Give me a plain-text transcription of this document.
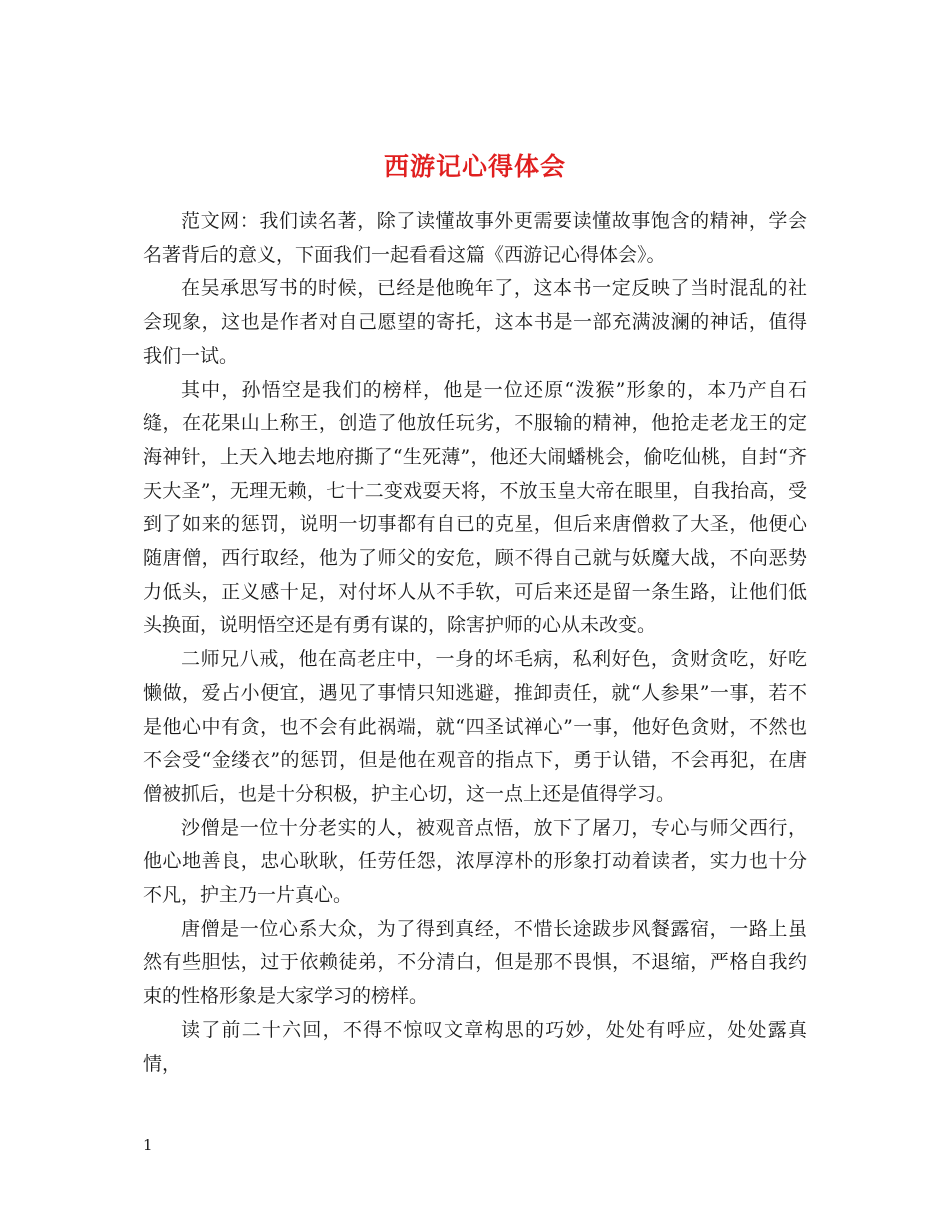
西游记心得体会

范文网：我们读名著，除了读懂故事外更需要读懂故事饱含的精神，学会名著背后的意义，下面我们一起看看这篇《西游记心得体会》。

在吴承思写书的时候，已经是他晚年了，这本书一定反映了当时混乱的社会现象，这也是作者对自己愿望的寄托，这本书是一部充满波澜的神话，值得我们一试。

其中，孙悟空是我们的榜样，他是一位还原“泼猴”形象的，本乃产自石缝，在花果山上称王，创造了他放任玩劣，不服输的精神，他抢走老龙王的定海神针，上天入地去地府撕了“生死薄”，他还大闹蟠桃会，偷吃仙桃，自封“齐天大圣”，无理无赖，七十二变戏耍天将，不放玉皇大帝在眼里，自我抬高，受到了如来的惩罚，说明一切事都有自已的克星，但后来唐僧救了大圣，他便心随唐僧，西行取经，他为了师父的安危，顾不得自己就与妖魔大战，不向恶势力低头，正义感十足，对付坏人从不手软，可后来还是留一条生路，让他们低头换面，说明悟空还是有勇有谋的，除害护师的心从未改变。

二师兄八戒，他在高老庄中，一身的坏毛病，私利好色，贪财贪吃，好吃懒做，爱占小便宜，遇见了事情只知逃避，推卸责任，就“人参果”一事，若不是他心中有贪，也不会有此祸端，就“四圣试禅心”一事，他好色贪财，不然也不会受“金缕衣”的惩罚，但是他在观音的指点下，勇于认错，不会再犯，在唐僧被抓后，也是十分积极，护主心切，这一点上还是值得学习。

沙僧是一位十分老实的人，被观音点悟，放下了屠刀，专心与师父西行，他心地善良，忠心耿耿，任劳任怨，浓厚淳朴的形象打动着读者，实力也十分不凡，护主乃一片真心。

唐僧是一位心系大众，为了得到真经，不惜长途跋步风餐露宿，一路上虽然有些胆怯，过于依赖徒弟，不分清白，但是那不畏惧，不退缩，严格自我约束的性格形象是大家学习的榜样。

读了前二十六回，不得不惊叹文章构思的巧妙，处处有呼应，处处露真情，

1
